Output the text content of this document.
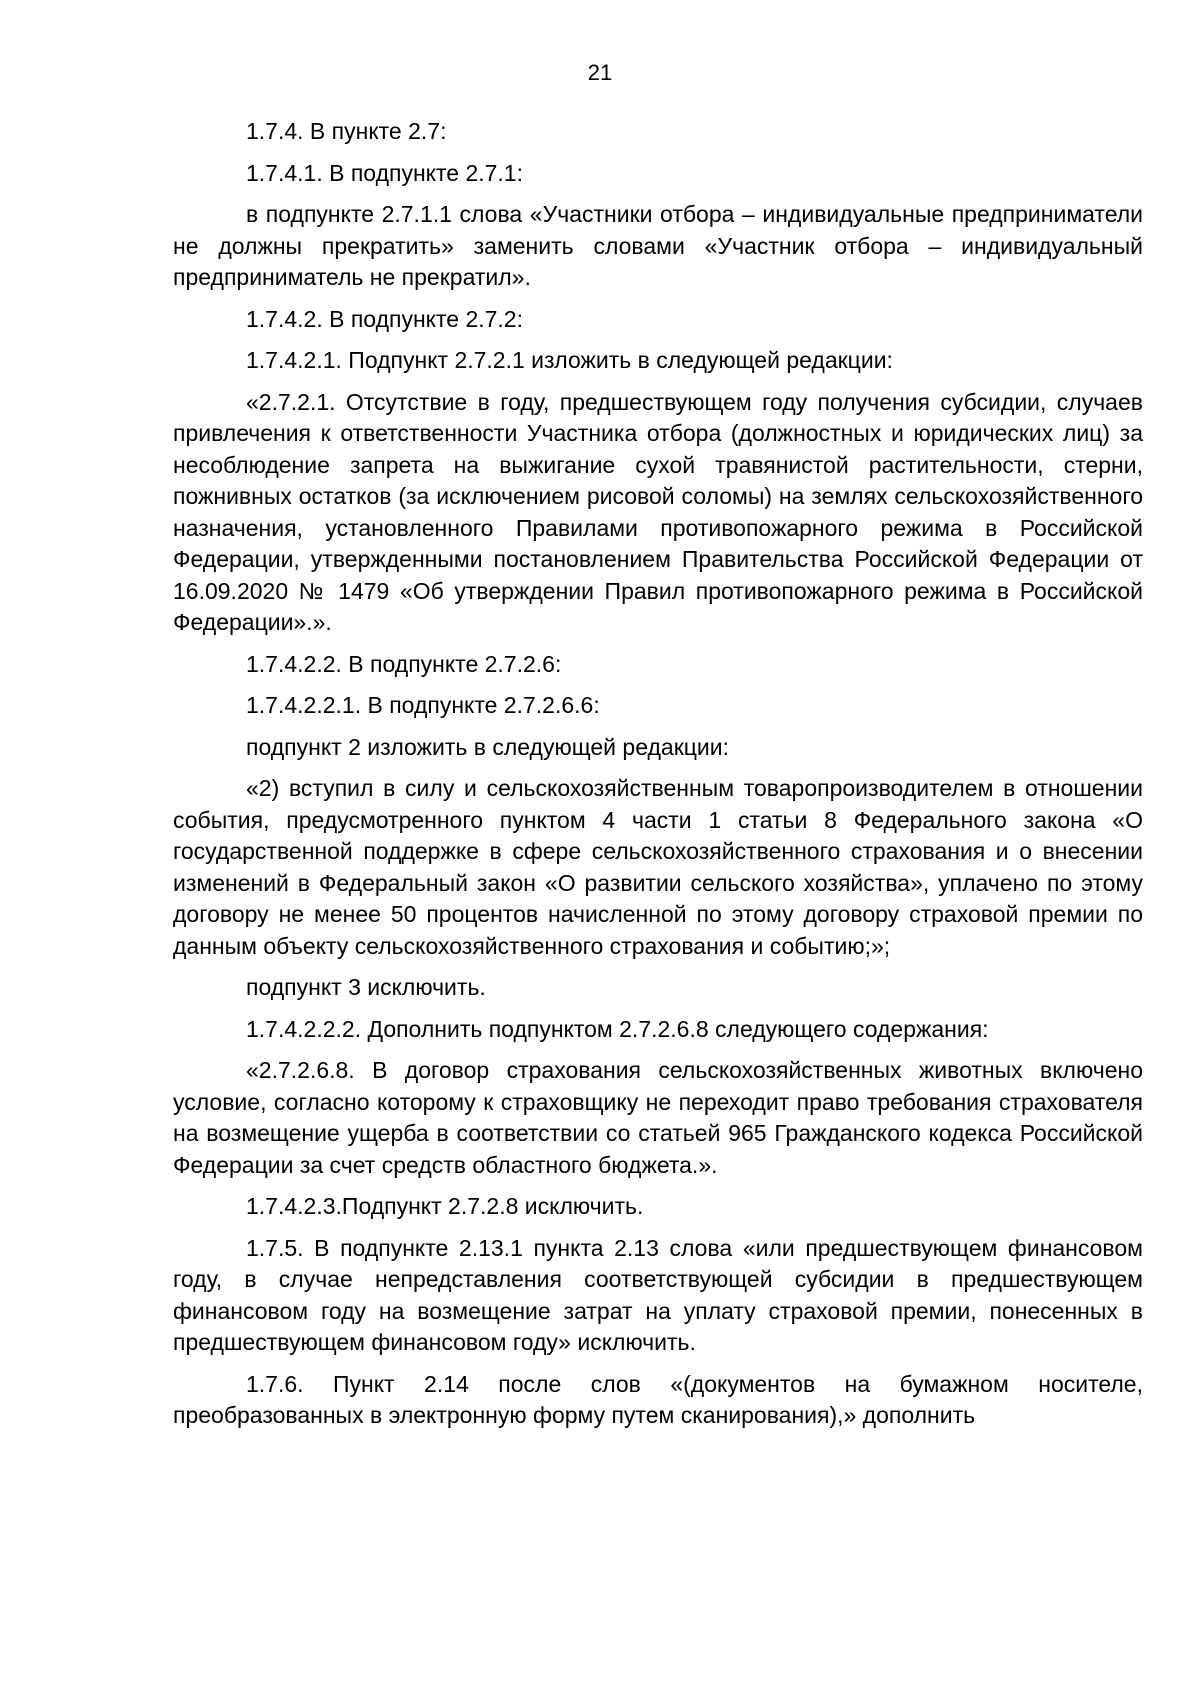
21

1.7.4. В пункте 2.7:

1.7.4.1. В подпункте 2.7.1:

в подпункте 2.7.1.1 слова «Участники отбора – индивидуальные предприниматели не должны прекратить» заменить словами «Участник отбора – индивидуальный предприниматель не прекратил».

1.7.4.2. В подпункте 2.7.2:

1.7.4.2.1. Подпункт 2.7.2.1 изложить в следующей редакции:

«2.7.2.1. Отсутствие в году, предшествующем году получения субсидии, случаев привлечения к ответственности Участника отбора (должностных и юридических лиц) за несоблюдение запрета на выжигание сухой травянистой растительности, стерни, пожнивных остатков (за исключением рисовой соломы) на землях сельскохозяйственного назначения, установленного Правилами противопожарного режима в Российской Федерации, утвержденными постановлением Правительства Российской Федерации от 16.09.2020 № 1479 «Об утверждении Правил противопожарного режима в Российской Федерации».».

1.7.4.2.2. В подпункте 2.7.2.6:

1.7.4.2.2.1. В подпункте 2.7.2.6.6:

подпункт 2 изложить в следующей редакции:

«2) вступил в силу и сельскохозяйственным товаропроизводителем в отношении события, предусмотренного пунктом 4 части 1 статьи 8 Федерального закона «О государственной поддержке в сфере сельскохозяйственного страхования и о внесении изменений в Федеральный закон «О развитии сельского хозяйства», уплачено по этому договору не менее 50 процентов начисленной по этому договору страховой премии по данным объекту сельскохозяйственного страхования и событию;»;

подпункт 3 исключить.

1.7.4.2.2.2. Дополнить подпунктом 2.7.2.6.8 следующего содержания:

«2.7.2.6.8. В договор страхования сельскохозяйственных животных включено условие, согласно которому к страховщику не переходит право требования страхователя на возмещение ущерба в соответствии со статьей 965 Гражданского кодекса Российской Федерации за счет средств областного бюджета.».

1.7.4.2.3.Подпункт 2.7.2.8 исключить.

1.7.5. В подпункте 2.13.1 пункта 2.13 слова «или предшествующем финансовом году, в случае непредставления соответствующей субсидии в предшествующем финансовом году на возмещение затрат на уплату страховой премии, понесенных в предшествующем финансовом году» исключить.

1.7.6. Пункт 2.14 после слов «(документов на бумажном носителе, преобразованных в электронную форму путем сканирования),» дополнить
